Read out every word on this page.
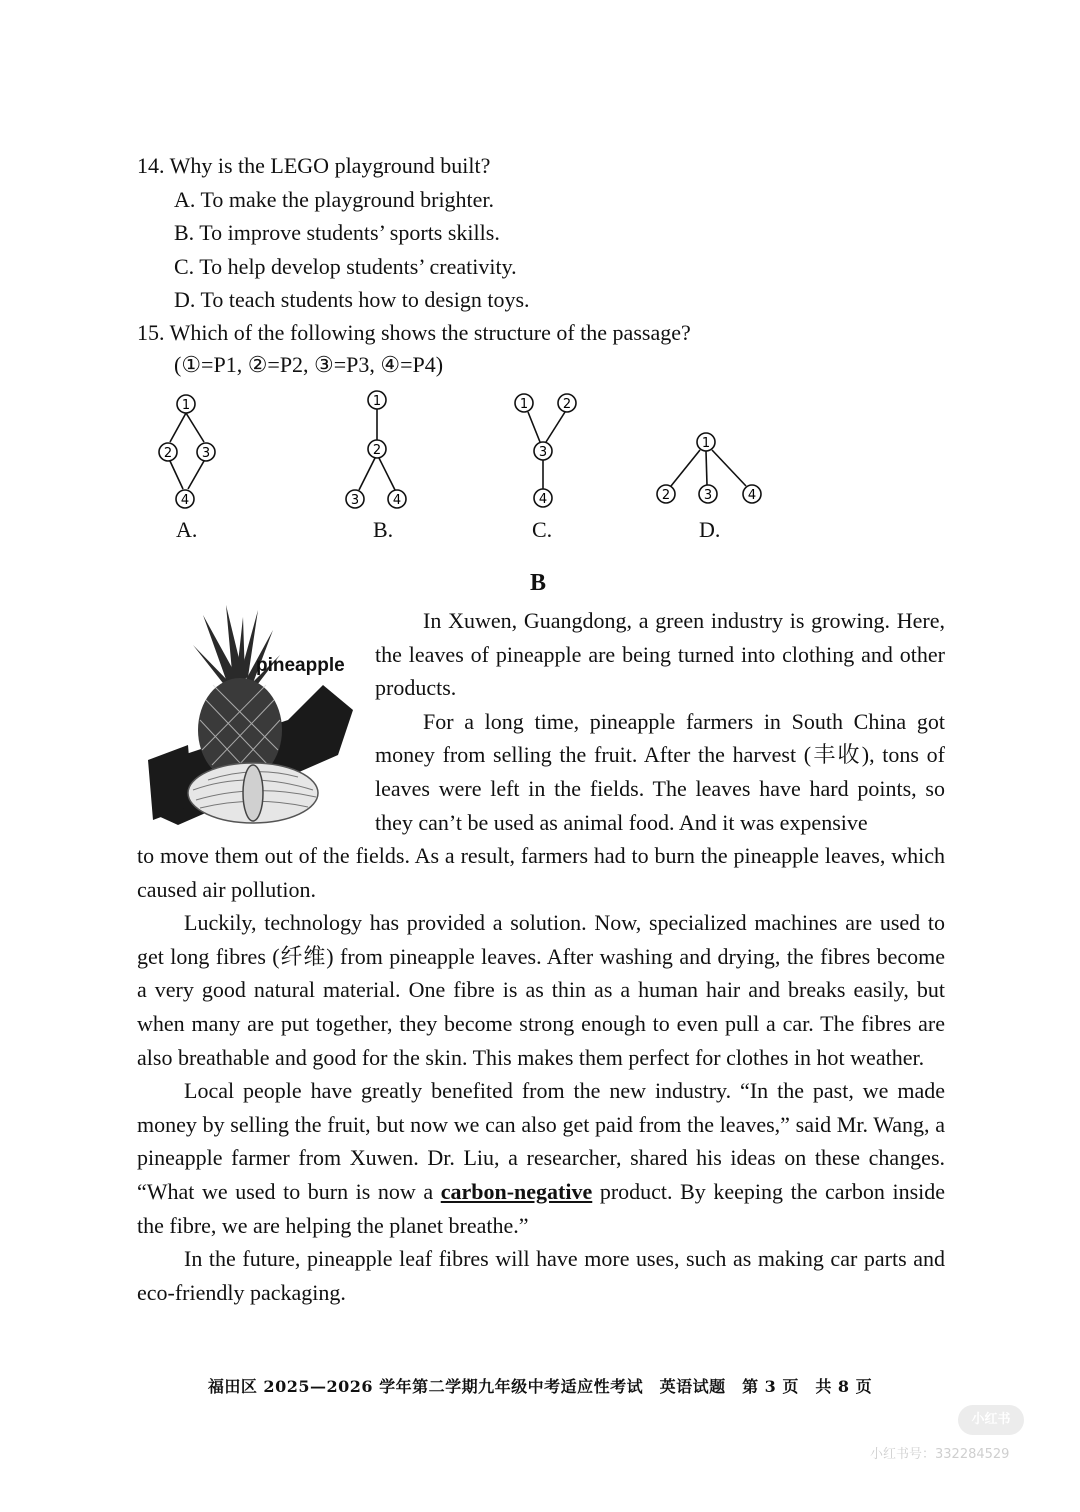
14. Why is the LEGO playground built?
A. To make the playground brighter.
B. To improve students’ sports skills.
C. To help develop students’ creativity.
D. To teach students how to design toys.
15. Which of the following shows the structure of the passage?
(①=P1, ②=P2, ③=P3, ④=P4)
1
2 3
4
A.
1
2
3	4
B.
1	2
3
4
C.
1
2	3	4
D.
B
pineapple

In Xuwen, Guangdong, a green industry is growing. Here, the leaves of pineapple are being turned into clothing and other products.

For a long time, pineapple farmers in South China got money from selling the fruit. After the harvest (丰收), tons of leaves were left in the fields. The leaves have hard points, so they can’t be used as animal food. And it was expensive

to move them out of the fields. As a result, farmers had to burn the pineapple leaves, which caused air pollution.

Luckily, technology has provided a solution. Now, specialized machines are used to get long fibres (纤维) from pineapple leaves. After washing and drying, the fibres become a very good natural material. One fibre is as thin as a human hair and breaks easily, but when many are put together, they become strong enough to even pull a car. The fibres are also breathable and good for the skin. This makes them perfect for clothes in hot weather.

Local people have greatly benefited from the new industry. “In the past, we made money by selling the fruit, but now we can also get paid from the leaves,” said Mr. Wang, a pineapple farmer from Xuwen. Dr. Liu, a researcher, shared his ideas on these changes. “What we used to burn is now a carbon-negative product. By keeping the carbon inside the fibre, we are helping the planet breathe.”

In the future, pineapple leaf fibres will have more uses, such as making car parts and eco-friendly packaging.

福田区 2025—2026 学年第二学期九年级中考适应性考试　英语试题　第 3 页　共 8 页
小红书
小红书号：332284529
